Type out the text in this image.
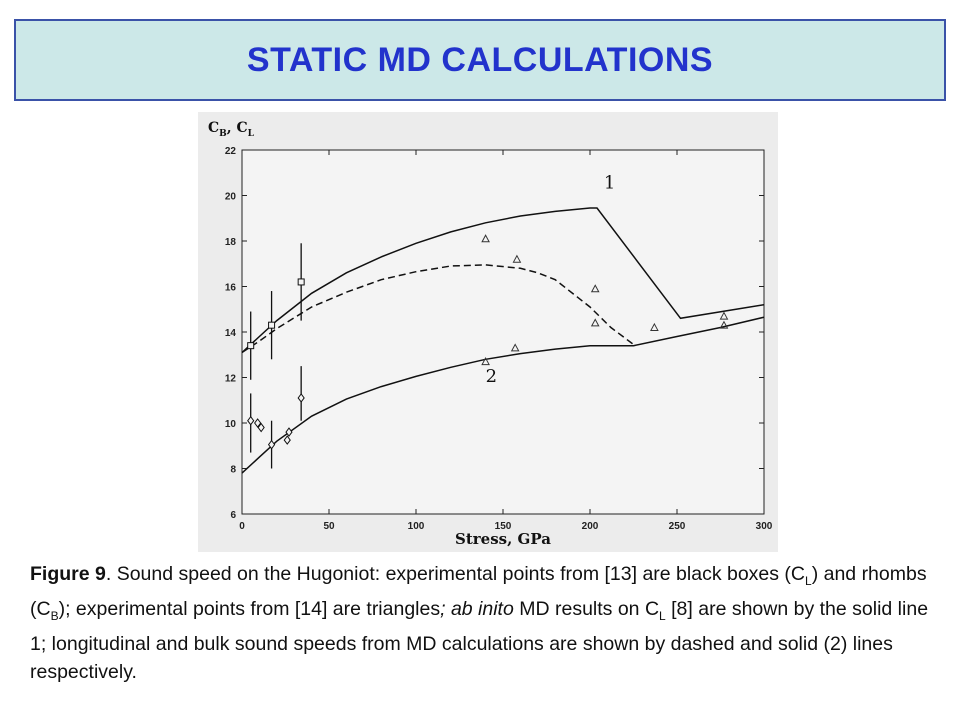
STATIC MD CALCULATIONS
6
8
10
12
14
16
18
20
22
0	50	100	150	200	250	300
1
2
$C_B$, $C_L$
Stress, GPa
Figure 9. Sound speed on the Hugoniot: experimental points from [13] are black boxes $(C_L)$ and rhombs $(C_B)$; experimental points from [14] are triangles; ab inito MD results on $C_L$ [8] are shown by the solid line 1; longitudinal and bulk sound speeds from MD calculations are shown by dashed and solid (2) lines respectively.
